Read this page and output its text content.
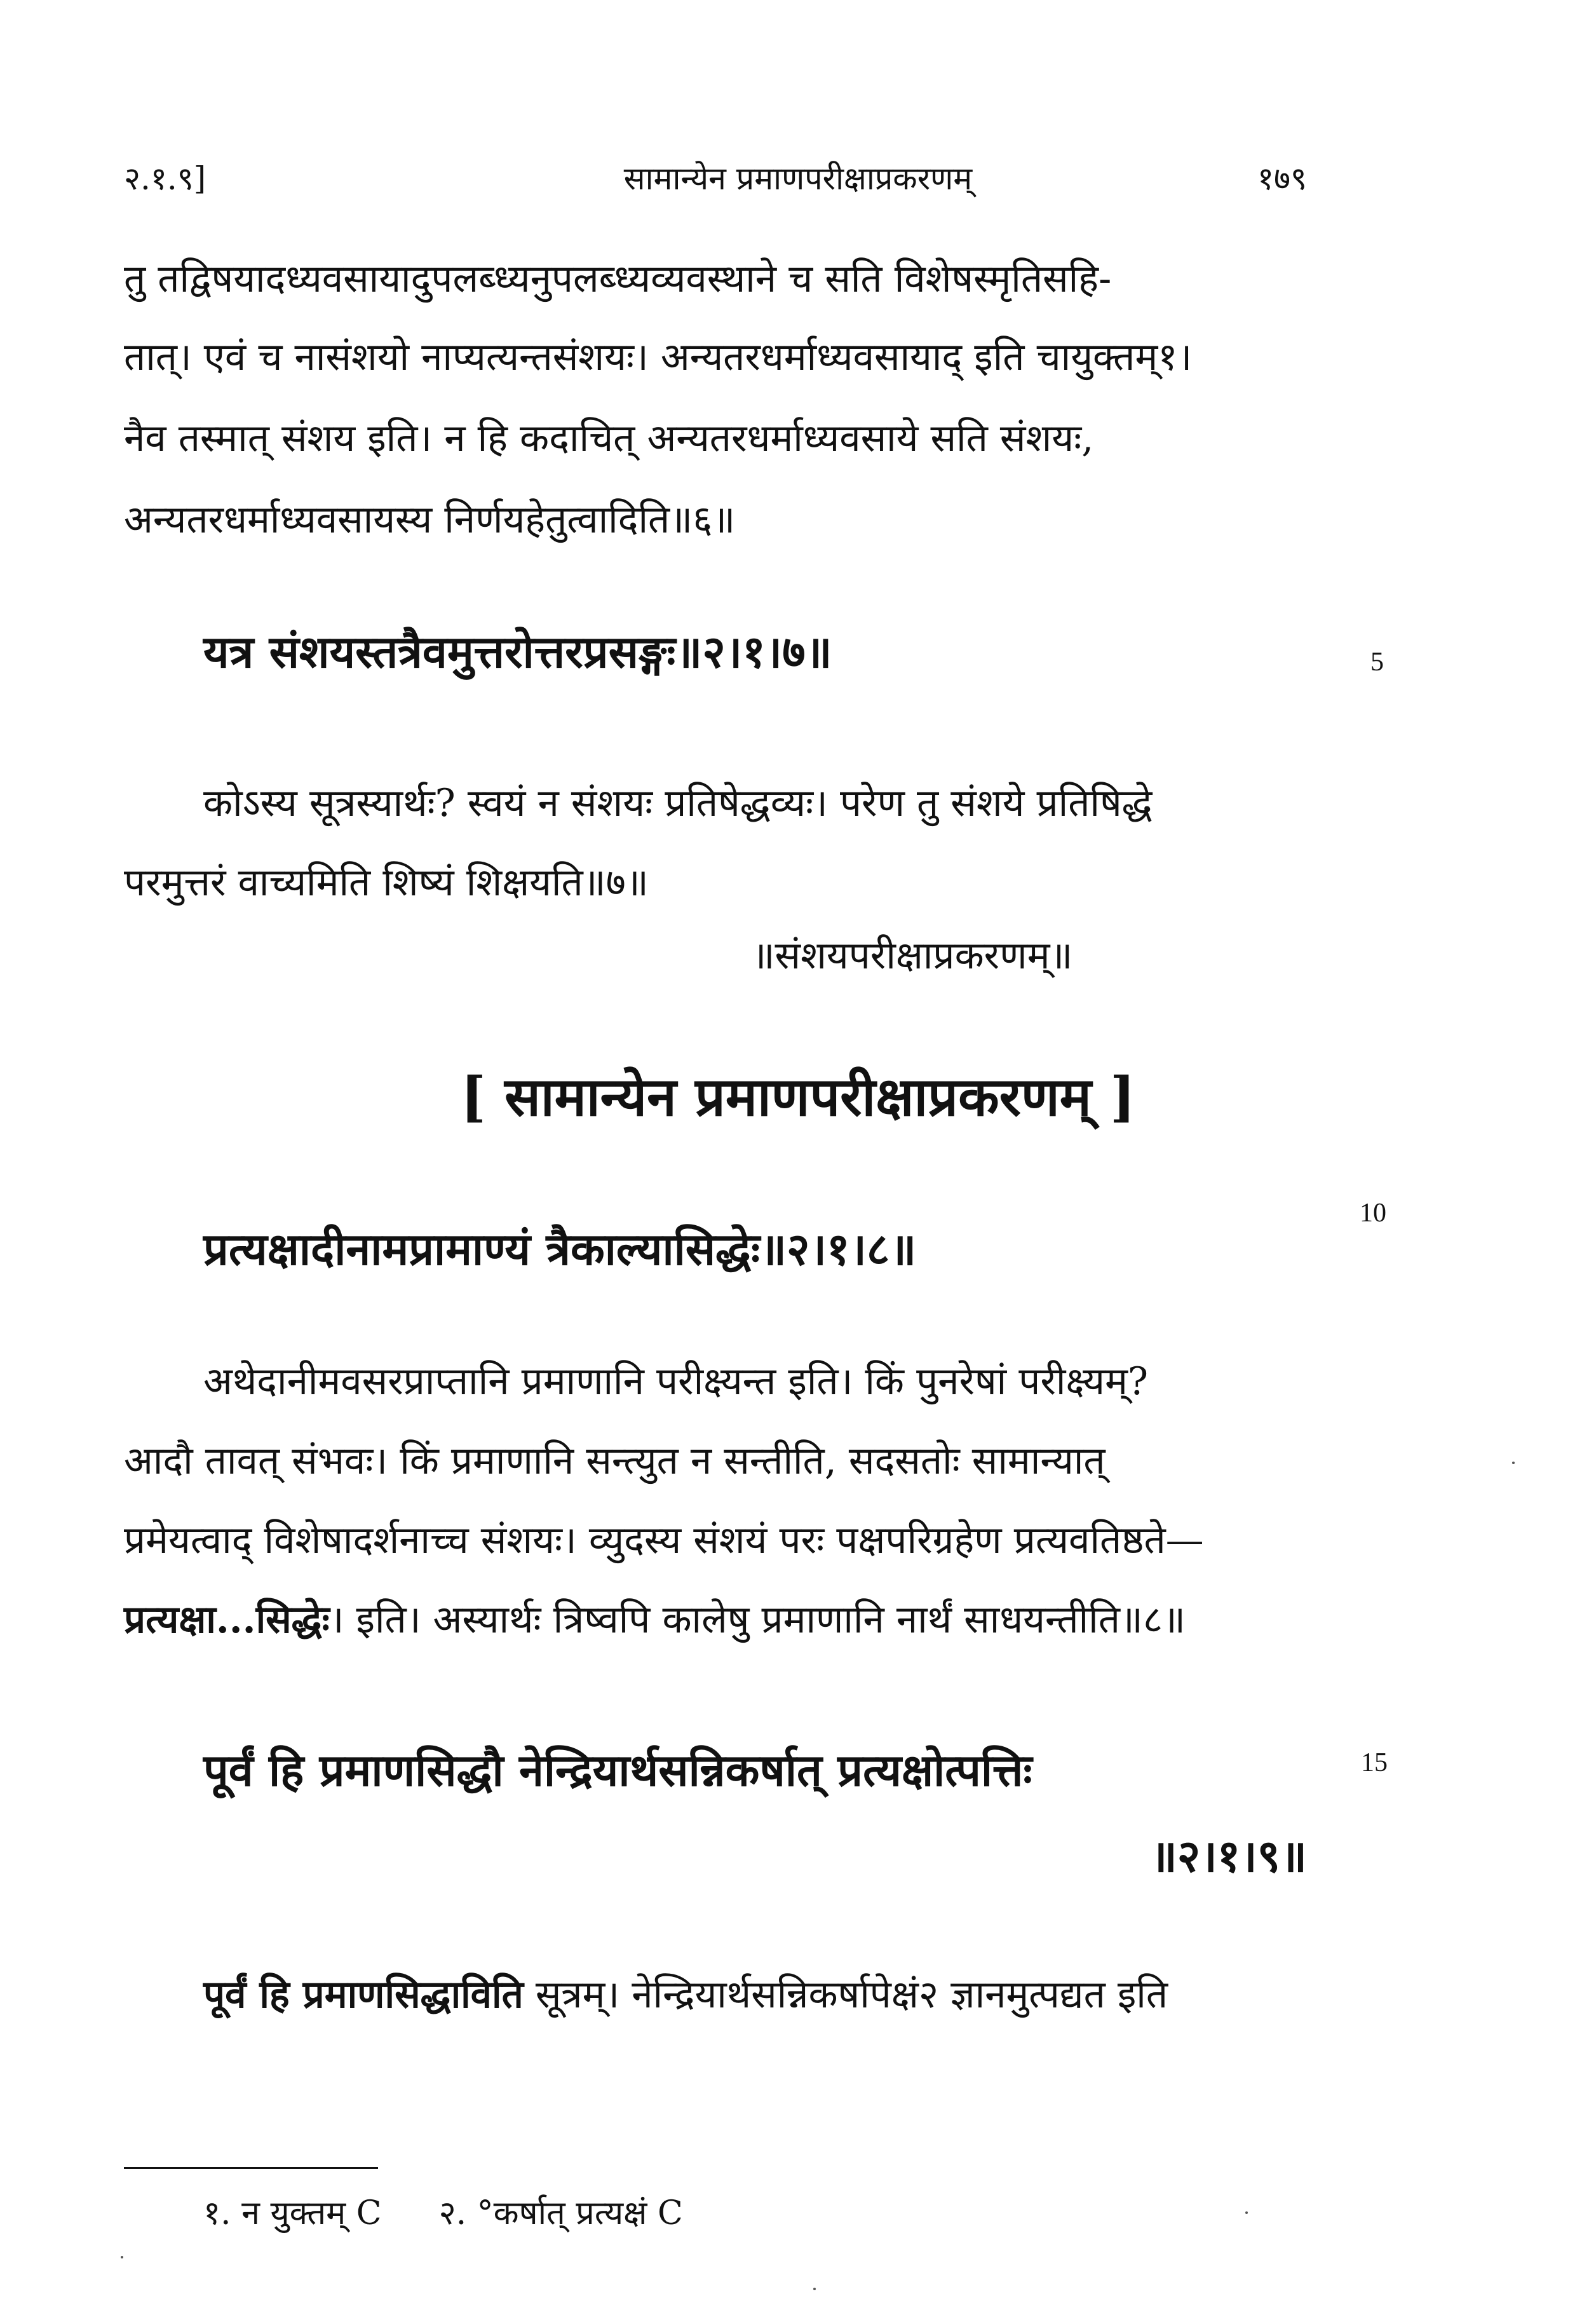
२.१.९]	सामान्येन प्रमाणपरीक्षाप्रकरणम्	१७९
तु तद्विषयादध्यवसायादुपलब्ध्यनुपलब्ध्यव्यवस्थाने च सति विशेषस्मृतिसहि-
तात्। एवं च नासंशयो नाप्यत्यन्तसंशयः। अन्यतरधर्माध्यवसायाद् इति चायुक्तम्१।
नैव तस्मात् संशय इति। न हि कदाचित् अन्यतरधर्माध्यवसाये सति संशयः,
अन्यतरधर्माध्यवसायस्य निर्णयहेतुत्वादिति॥६॥
यत्र संशयस्तत्रैवमुत्तरोत्तरप्रसङ्गः॥२।१।७॥	5
कोऽस्य सूत्रस्यार्थः? स्वयं न संशयः प्रतिषेद्धव्यः। परेण तु संशये प्रतिषिद्धे
परमुत्तरं वाच्यमिति शिष्यं शिक्षयति॥७॥
॥संशयपरीक्षाप्रकरणम्॥
[ सामान्येन प्रमाणपरीक्षाप्रकरणम् ]
10
प्रत्यक्षादीनामप्रामाण्यं त्रैकाल्यासिद्धेः॥२।१।८॥
अथेदानीमवसरप्राप्तानि प्रमाणानि परीक्ष्यन्त इति। किं पुनरेषां परीक्ष्यम्?
आदौ तावत् संभवः। किं प्रमाणानि सन्त्युत न सन्तीति, सदसतोः सामान्यात्
प्रमेयत्वाद् विशेषादर्शनाच्च संशयः। व्युदस्य संशयं परः पक्षपरिग्रहेण प्रत्यवतिष्ठते—
प्रत्यक्षा...सिद्धेः। इति। अस्यार्थः त्रिष्वपि कालेषु प्रमाणानि नार्थं साधयन्तीति॥८॥
पूर्वं हि प्रमाणसिद्धौ नेन्द्रियार्थसन्निकर्षात् प्रत्यक्षोत्पत्तिः	15
॥२।१।९॥
पूर्वं हि प्रमाणसिद्धाविति सूत्रम्। नेन्द्रियार्थसन्निकर्षापेक्षं२ ज्ञानमुत्पद्यत इति
१. न युक्तम् C २. °कर्षात् प्रत्यक्षं C
